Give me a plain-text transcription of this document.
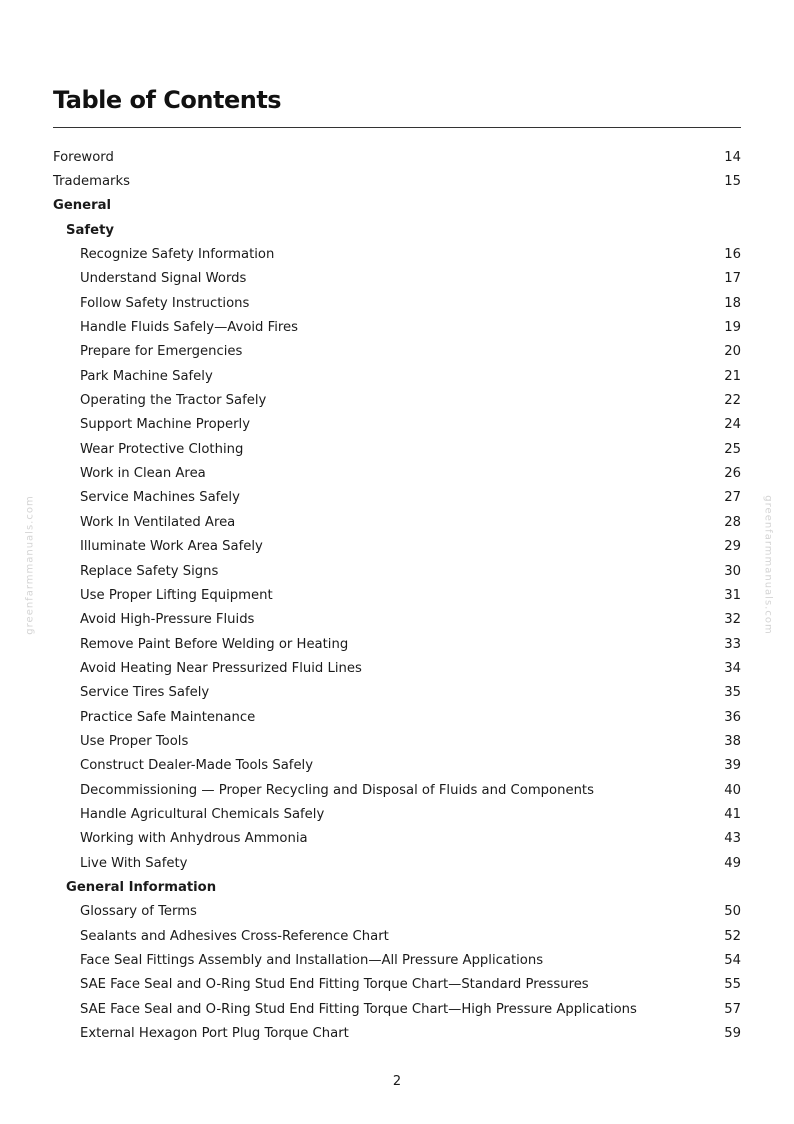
Table of Contents
Foreword	14
Trademarks	15
General
Safety
Recognize Safety Information	16
Understand Signal Words	17
Follow Safety Instructions	18
Handle Fluids Safely—Avoid Fires	19
Prepare for Emergencies	20
Park Machine Safely	21
Operating the Tractor Safely	22
Support Machine Properly	24
Wear Protective Clothing	25
Work in Clean Area	26
Service Machines Safely	27
Work In Ventilated Area	28
Illuminate Work Area Safely	29
Replace Safety Signs	30
Use Proper Lifting Equipment	31
Avoid High-Pressure Fluids	32
Remove Paint Before Welding or Heating	33
Avoid Heating Near Pressurized Fluid Lines	34
Service Tires Safely	35
Practice Safe Maintenance	36
Use Proper Tools	38
Construct Dealer-Made Tools Safely	39
Decommissioning — Proper Recycling and Disposal of Fluids and Components	40
Handle Agricultural Chemicals Safely	41
Working with Anhydrous Ammonia	43
Live With Safety	49
General Information
Glossary of Terms	50
Sealants and Adhesives Cross-Reference Chart	52
Face Seal Fittings Assembly and Installation—All Pressure Applications	54
SAE Face Seal and O-Ring Stud End Fitting Torque Chart—Standard Pressures	55
SAE Face Seal and O-Ring Stud End Fitting Torque Chart—High Pressure Applications	57
External Hexagon Port Plug Torque Chart	59
greenfarmmanuals.com	greenfarmmanuals.com
2
